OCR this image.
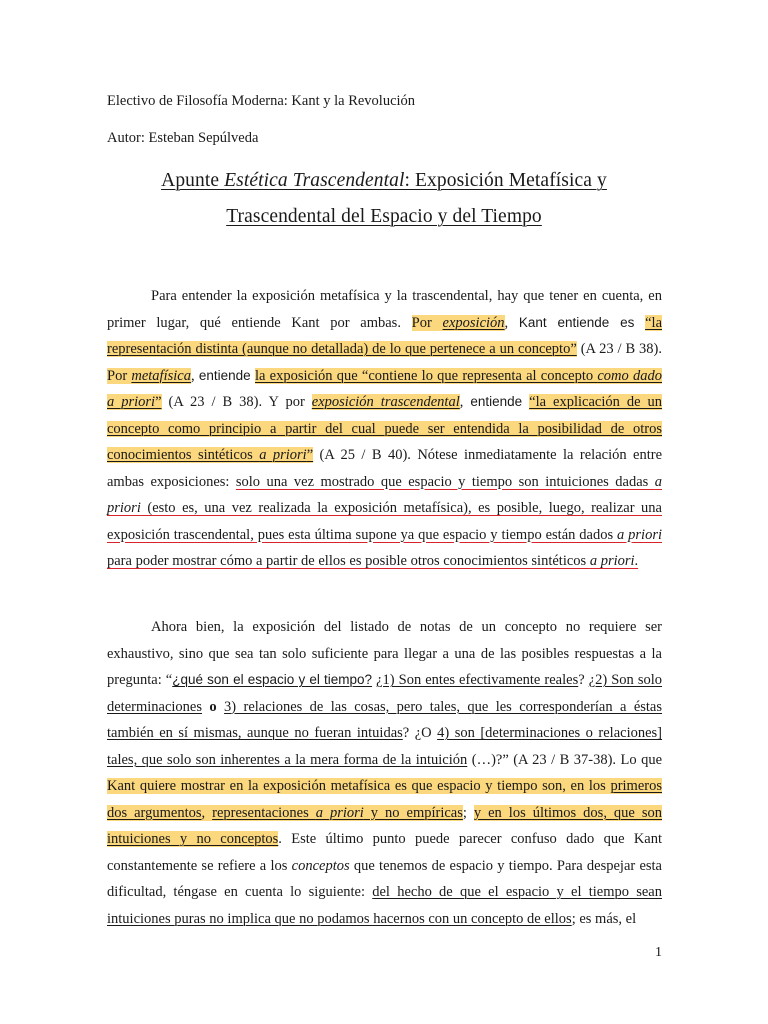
Electivo de Filosofía Moderna: Kant y la Revolución
Autor: Esteban Sepúlveda
Apunte Estética Trascendental: Exposición Metafísica y
Trascendental del Espacio y del Tiempo

Para entender la exposición metafísica y la trascendental, hay que tener en cuenta, en primer lugar, qué entiende Kant por ambas. Por exposición, Kant entiende es “la representación distinta (aunque no detallada) de lo que pertenece a un concepto” (A 23 / B 38). Por metafísica, entiende la exposición que “contiene lo que representa al concepto como dado a priori” (A 23 / B 38). Y por exposición trascendental, entiende “la explicación de un concepto como principio a partir del cual puede ser entendida la posibilidad de otros conocimientos sintéticos a priori” (A 25 / B 40). Nótese inmediatamente la relación entre ambas exposiciones: solo una vez mostrado que espacio y tiempo son intuiciones dadas a priori (esto es, una vez realizada la exposición metafísica), es posible, luego, realizar una exposición trascendental, pues esta última supone ya que espacio y tiempo están dados a priori para poder mostrar cómo a partir de ellos es posible otros conocimientos sintéticos a priori.

Ahora bien, la exposición del listado de notas de un concepto no requiere ser exhaustivo, sino que sea tan solo suficiente para llegar a una de las posibles respuestas a la pregunta: “¿qué son el espacio y el tiempo? ¿1) Son entes efectivamente reales? ¿2) Son solo determinaciones o 3) relaciones de las cosas, pero tales, que les corresponderían a éstas también en sí mismas, aunque no fueran intuidas? ¿O 4) son [determinaciones o relaciones] tales, que solo son inherentes a la mera forma de la intuición (…)?” (A 23 / B 37-38). Lo que Kant quiere mostrar en la exposición metafísica es que espacio y tiempo son, en los primeros dos argumentos, representaciones a priori y no empíricas; y en los últimos dos, que son intuiciones y no conceptos. Este último punto puede parecer confuso dado que Kant constantemente se refiere a los conceptos que tenemos de espacio y tiempo. Para despejar esta dificultad, téngase en cuenta lo siguiente: del hecho de que el espacio y el tiempo sean intuiciones puras no implica que no podamos hacernos con un concepto de ellos; es más, el

1
